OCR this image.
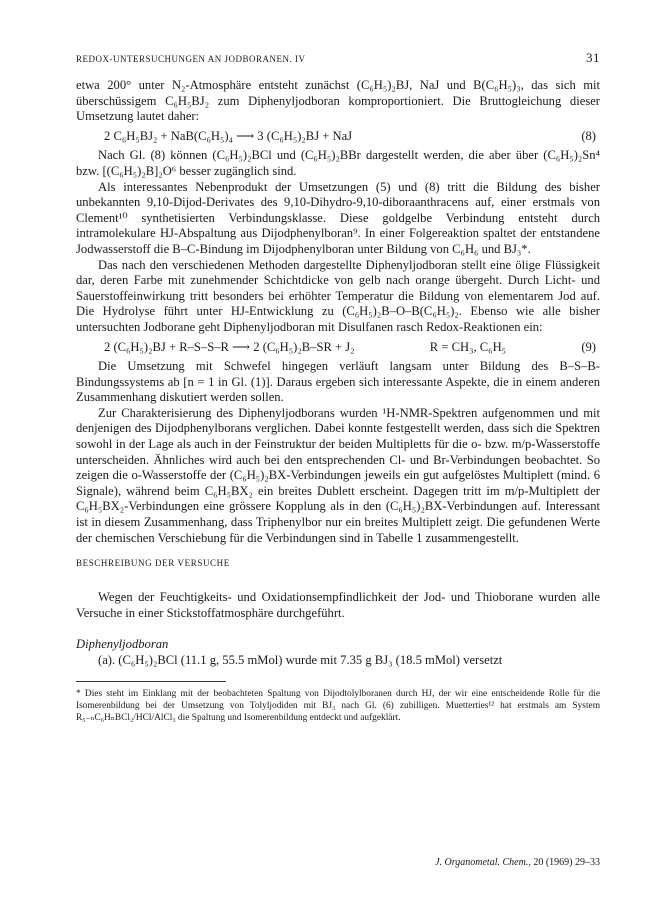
REDOX-UNTERSUCHUNGEN AN JODBORANEN. IV	31

etwa 200° unter N₂-Atmosphäre entsteht zunächst (C₆H₅)₂BJ, NaJ und B(C₆H₅)₃, das sich mit überschüssigem C₆H₅BJ₂ zum Diphenyljodboran komproportioniert. Die Bruttogleichung dieser Umsetzung lautet daher:

2 C₆H₅BJ₂ + NaB(C₆H₅)₄ ⟶ 3 (C₆H₅)₂BJ + NaJ	(8)

Nach Gl. (8) können (C₆H₅)₂BCl und (C₆H₅)₂BBr dargestellt werden, die aber über (C₆H₅)₂Sn⁴ bzw. [(C₆H₅)₂B]₂O⁶ besser zugänglich sind.

Als interessantes Nebenprodukt der Umsetzungen (5) und (8) tritt die Bildung des bisher unbekannten 9,10-Dijod-Derivates des 9,10-Dihydro-9,10-diboraanthracens auf, einer erstmals von Clement¹⁰ synthetisierten Verbindungsklasse. Diese goldgelbe Verbindung entsteht durch intramolekulare HJ-Abspaltung aus Dijodphenylboran⁹. In einer Folgereaktion spaltet der entstandene Jodwasserstoff die B–C-Bindung im Dijodphenylboran unter Bildung von C₆H₆ und BJ₃*.

Das nach den verschiedenen Methoden dargestellte Diphenyljodboran stellt eine ölige Flüssigkeit dar, deren Farbe mit zunehmender Schichtdicke von gelb nach orange übergeht. Durch Licht- und Sauerstoffeinwirkung tritt besonders bei erhöhter Temperatur die Bildung von elementarem Jod auf. Die Hydrolyse führt unter HJ-Entwicklung zu (C₆H₅)₂B–O–B(C₆H₅)₂. Ebenso wie alle bisher untersuchten Jodborane geht Diphenyljodboran mit Disulfanen rasch Redox-Reaktionen ein:

2 (C₆H₅)₂BJ + R–S–S–R ⟶ 2 (C₆H₅)₂B–SR + J₂	R = CH₃, C₆H₅	(9)

Die Umsetzung mit Schwefel hingegen verläuft langsam unter Bildung des B–S–B-Bindungssystems ab [n = 1 in Gl. (1)]. Daraus ergeben sich interessante Aspekte, die in einem anderen Zusammenhang diskutiert werden sollen.

Zur Charakterisierung des Diphenyljodborans wurden ¹H-NMR-Spektren aufgenommen und mit denjenigen des Dijodphenylborans verglichen. Dabei konnte festgestellt werden, dass sich die Spektren sowohl in der Lage als auch in der Feinstruktur der beiden Multipletts für die o- bzw. m/p-Wasserstoffe unterscheiden. Ähnliches wird auch bei den entsprechenden Cl- und Br-Verbindungen beobachtet. So zeigen die o-Wasserstoffe der (C₆H₅)₂BX-Verbindungen jeweils ein gut aufgelöstes Multiplett (mind. 6 Signale), während beim C₆H₅BX₂ ein breites Dublett erscheint. Dagegen tritt im m/p-Multiplett der C₆H₅BX₂-Verbindungen eine grössere Kopplung als in den (C₆H₅)₂BX-Verbindungen auf. Interessant ist in diesem Zusammenhang, dass Triphenylbor nur ein breites Multiplett zeigt. Die gefundenen Werte der chemischen Verschiebung für die Verbindungen sind in Tabelle 1 zusammengestellt.

BESCHREIBUNG DER VERSUCHE

Wegen der Feuchtigkeits- und Oxidationsempfindlichkeit der Jod- und Thioborane wurden alle Versuche in einer Stickstoffatmosphäre durchgeführt.

Diphenyljodboran

(a). (C₆H₅)₂BCl (11.1 g, 55.5 mMol) wurde mit 7.35 g BJ₃ (18.5 mMol) versetzt

* Dies steht im Einklang mit der beobachteten Spaltung von Dijodtolylboranen durch HJ, der wir eine entscheidende Rolle für die Isomerenbildung bei der Umsetzung von Tolyljodiden mit BJ₃ nach Gl. (6) zubilligen. Muetterties¹² hat erstmals am System R₅₋ₙC₆HₙBCl₂/HCl/AlCl₃ die Spaltung und Isomerenbildung entdeckt und aufgeklärt.

J. Organometal. Chem., 20 (1969) 29–33
